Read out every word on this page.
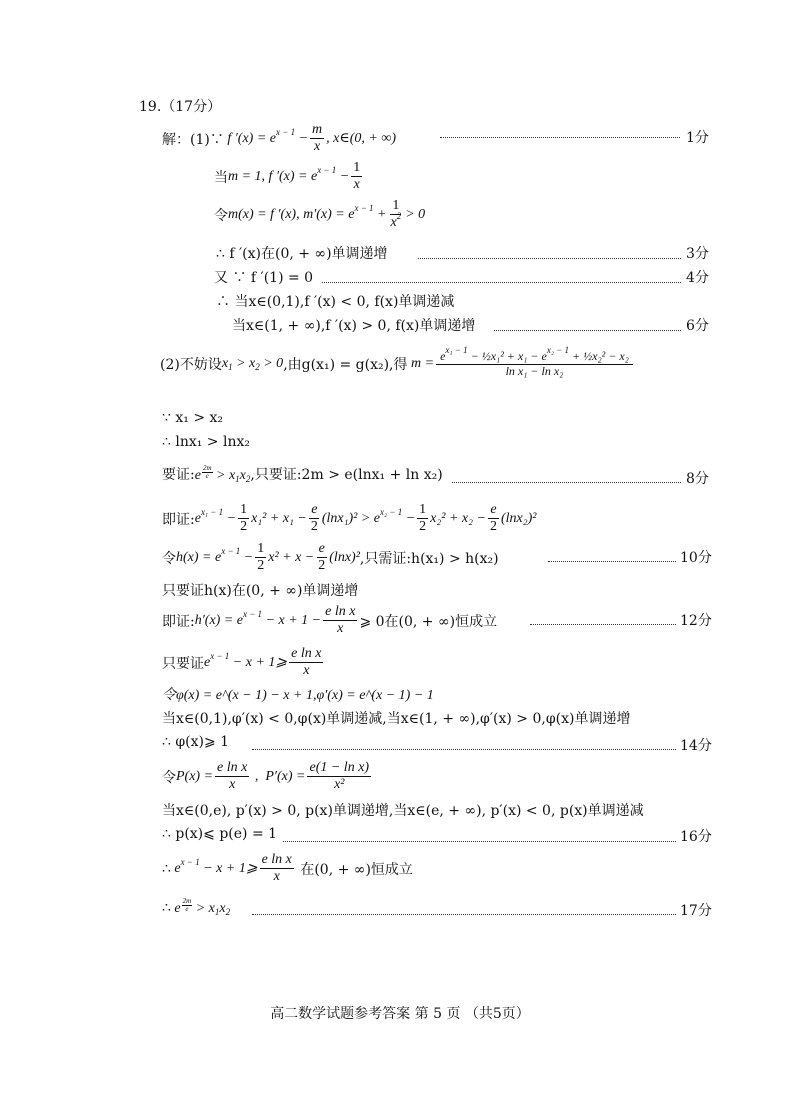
19.（17分）
解：(1)∵ f $'(x) = e^{x - 1} - \frac{m}{x}$ , x∈(0, + ∞)	1分
当 m = 1, f $'(x) = e^{x - 1} - \frac{1}{x}$
令 m(x) = f ′(x), $m'(x) = e^{x - 1} + \frac{1}{x^2} > 0$
∴ f ′(x)在(0, + ∞)单调递增	3分
又 ∵ f ′(1) = 0	4分
∴ 当x∈(0,1),f ′(x) < 0, f(x)单调递减
当x∈(1, + ∞),f ′(x) > 0, f(x)单调递增	6分
(2)不妨设 $x_1 > x_2 > 0$ ,由g(x₁) = g(x₂),得 $m = \frac{e^{x_1 - 1} - \frac{1}{2}x_1^2 + x_1 - e^{x_2 - 1} + \frac{1}{2}x_2^2 - x_2}{\text{ln x₁ − ln x₂}}$
∵ x₁ > x₂
∴ lnx₁ > lnx₂
要证: e $\frac{2m}{e} > x_1x_2$ ,只要证:2m > e(lnx₁ + ln x₂)	8分
即证: $e^{x_1 - 1} - \frac{1}{2} x_1^2 + x_1 - \frac{e}{2} (\ln x_1)^2 > e^{x_2 - 1} - \frac{1}{2} x_2^2 + x_2 - \frac{e}{2} (\ln x_2)^2$
令 $h(x) = e^{x - 1} - \frac{1}{2} x^2 + x - \frac{e}{2} (\ln x)^2$ ,只需证:h(x₁) > h(x₂)	10分
只要证h(x)在(0, + ∞)单调递增
即证: $h'(x) = e^{x - 1} - x + 1 - \frac{\text{e ln x}}{x}$ ⩾ 0在(0, + ∞)恒成立	12分
只要证 $e^{x - 1} - x$ + 1⩾ $\frac{\text{e ln x}}{x}$
令φ(x) = e^(x − 1) − x + 1,φ′(x) = e^(x − 1) − 1
当x∈(0,1),φ′(x) < 0,φ(x)单调递减,当x∈(1, + ∞),φ′(x) > 0,φ(x)单调递增
∴ φ(x)⩾ 1	14分
令 $P(x) = \frac{\text{e ln x}}{x}$ ,  $P'(x) = \frac{\text{e(1 − ln x)}}{\text{x²}}$
当x∈(0,e), p′(x) > 0, p(x)单调递增,当x∈(e, + ∞), p′(x) < 0, p(x)单调递减
∴ p(x)⩽ p(e) = 1	16分
∴ $e^{x - 1} - x$ + 1⩾ $\frac{\text{e ln x}}{x}$
在(0, + ∞)恒成立
∴ e $\frac{2m}{e} > x_1x_2$	17分
高二数学试题参考答案 第 5 页 （共5页）
